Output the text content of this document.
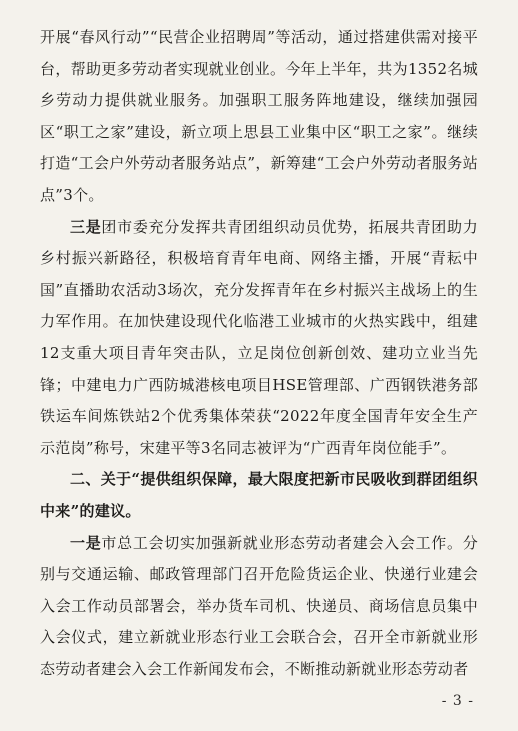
开展“春风行动”“民营企业招聘周”等活动，通过搭建供需对接平台，帮助更多劳动者实现就业创业。今年上半年，共为1352名城乡劳动力提供就业服务。加强职工服务阵地建设，继续加强园区“职工之家”建设，新立项上思县工业集中区“职工之家”。继续打造“工会户外劳动者服务站点”，新筹建“工会户外劳动者服务站点”3个。

三是团市委充分发挥共青团组织动员优势，拓展共青团助力乡村振兴新路径，积极培育青年电商、网络主播，开展“青耘中国”直播助农活动3场次，充分发挥青年在乡村振兴主战场上的生力军作用。在加快建设现代化临港工业城市的火热实践中，组建12支重大项目青年突击队，立足岗位创新创效、建功立业当先锋；中建电力广西防城港核电项目HSE管理部、广西钢铁港务部铁运车间炼铁站2个优秀集体荣获“2022年度全国青年安全生产示范岗”称号，宋建平等3名同志被评为“广西青年岗位能手”。

二、关于“提供组织保障，最大限度把新市民吸收到群团组织中来”的建议。

一是市总工会切实加强新就业形态劳动者建会入会工作。分别与交通运输、邮政管理部门召开危险货运企业、快递行业建会入会工作动员部署会，举办货车司机、快递员、商场信息员集中入会仪式，建立新就业形态行业工会联合会，召开全市新就业形态劳动者建会入会工作新闻发布会，不断推动新就业形态劳动者

- 3 -
